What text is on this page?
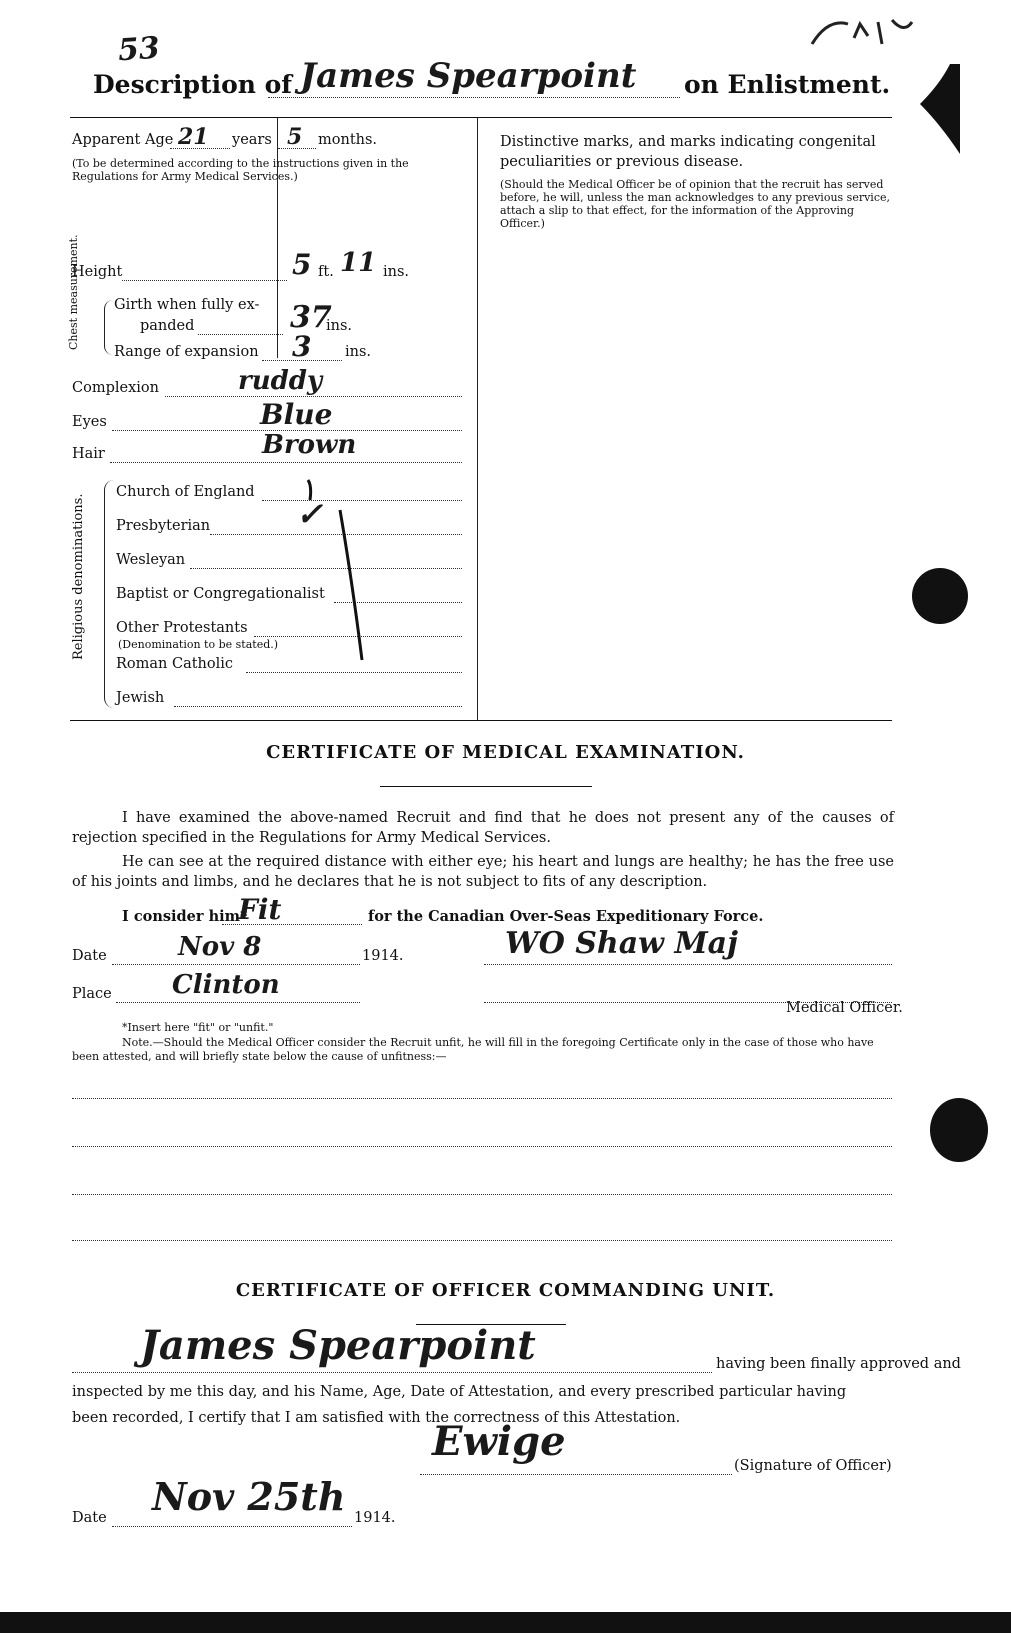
53
Description of James Spearpoint on Enlistment.
Apparent Age 21 years 5 months.
(To be determined according to the instructions given in the Regulations for Army Medical Services.)
Height	5 ft. 11 ins.
Chest measurement. Girth when fully ex-
panded	37
ins.
Range of expansion 3 ins.
Complexion	ruddy
Eyes	Blue
Hair	Brown
Religious denominations.
Church of England
Presbyterian	✓
Wesleyan
Baptist or Congregationalist
Other Protestants
(Denomination to be stated.)
Roman Catholic
Jewish
Distinctive marks, and marks indicating congenital peculiarities or previous disease.
(Should the Medical Officer be of opinion that the recruit has served before, he will, unless the man acknowledges to any previous service, attach a slip to that effect, for the information of the Approving Officer.)
CERTIFICATE OF MEDICAL EXAMINATION.
I have examined the above-named Recruit and find that he does not present any of the causes of rejection specified in the Regulations for Army Medical Services.
He can see at the required distance with either eye; his heart and lungs are healthy; he has the free use of his joints and limbs, and he declares that he is not subject to fits of any description.
I consider him*
Fit	for the Canadian Over-Seas Expeditionary Force.
Date	Nov 8	1914.	WO Shaw Maj
Place Clinton
Medical Officer.
*Insert here "fit" or "unfit."
Note.—Should the Medical Officer consider the Recruit unfit, he will fill in the foregoing Certificate only in the case of those who have been attested, and will briefly state below the cause of unfitness:—
CERTIFICATE OF OFFICER COMMANDING UNIT.
James Spearpoint	having been finally approved and
inspected by me this day, and his Name, Age, Date of Attestation, and every prescribed particular having
been recorded, I certify that I am satisfied with the correctness of this Attestation.
Ewige
(Signature of Officer)
Date Nov 25th 1914.
